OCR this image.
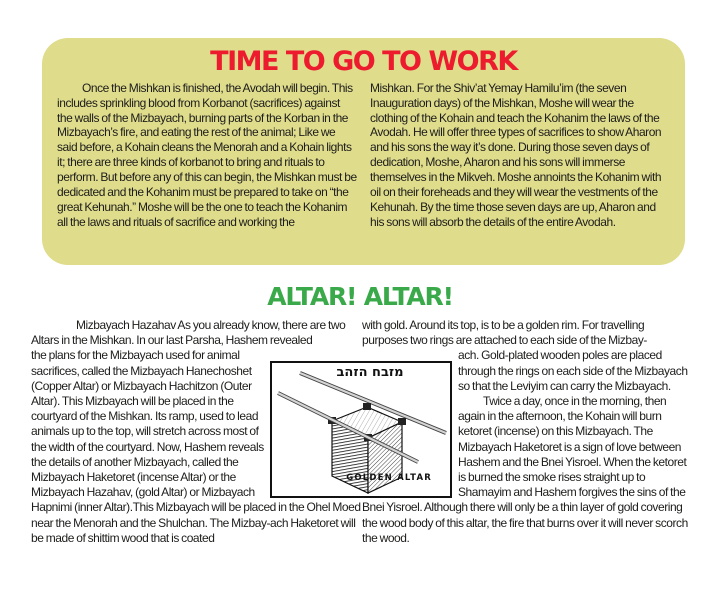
TIME TO GO TO WORK

Once the Mishkan is finished, the Avodah will begin. This includes sprinkling blood from Korbanot (sacrifices) against the walls of the Mizbayach, burning parts of the Korban in the Mizbayach’s fire, and eating the rest of the animal; Like we said before, a Kohain cleans the Menorah and a Kohain lights it; there are three kinds of korbanot to bring and rituals to perform. But before any of this can begin, the Mishkan must be dedicated and the Kohanim must be prepared to take on “the great Kehunah.” Moshe will be the one to teach the Kohanim all the laws and rituals of sacrifice and working the

Mishkan. For the Shiv’at Yemay Hamilu’im (the seven Inauguration days) of the Mishkan, Moshe will wear the clothing of the Kohain and teach the Kohanim the laws of the Avodah. He will offer three types of sacrifices to show Aharon and his sons the way it’s done. During those seven days of dedication, Moshe, Aharon and his sons will immerse themselves in the Mikveh. Moshe annoints the Kohanim with oil on their foreheads and they will wear the vestments of the Kehunah. By the time those seven days are up, Aharon and his sons will absorb the details of the entire Avodah.

ALTAR! ALTAR!

Mizbayach Hazahav As you already know, there are two Altars in the Mishkan. In our last Parsha, Hashem revealed

the plans for the Mizbayach used for animal sacrifices, called the Mizbayach Hanechoshet (Copper Altar) or Mizbayach Hachitzon (Outer Altar). This Mizbayach will be placed in the courtyard of the Mishkan. Its ramp, used to lead animals up to the top, will stretch across most of the width of the courtyard. Now, Hashem reveals the details of another Mizbayach, called the Mizbayach Haketoret (incense Altar) or the Mizbayach Hazahav, (gold Altar) or Mizbayach Hapnimi (inner Altar).This Mizbayach will be placed in the Ohel Moed near the Menorah and the Shulchan. The Mizbay-ach Haketoret will be made of shittim wood that is coated

with gold. Around its top, is to be a golden rim. For travelling purposes two rings are attached to each side of the Mizbay-

ach. Gold-plated wooden poles are placed through the rings on each side of the Mizbayach so that the Leviyim can carry the Mizbayach.

Twice a day, once in the morning, then again in the afternoon, the Kohain will burn ketoret (incense) on this Mizbayach. The Mizbayach Haketoret is a sign of love between Hashem and the Bnei Yisroel. When the ketoret is burned the smoke rises straight up to Shamayim and Hashem forgives the sins of the Bnei Yisroel. Although there will only be a thin layer of gold covering the wood body of this altar, the fire that burns over it will never scorch the wood.

מזבח הזהב
GOLDEN ALTAR
